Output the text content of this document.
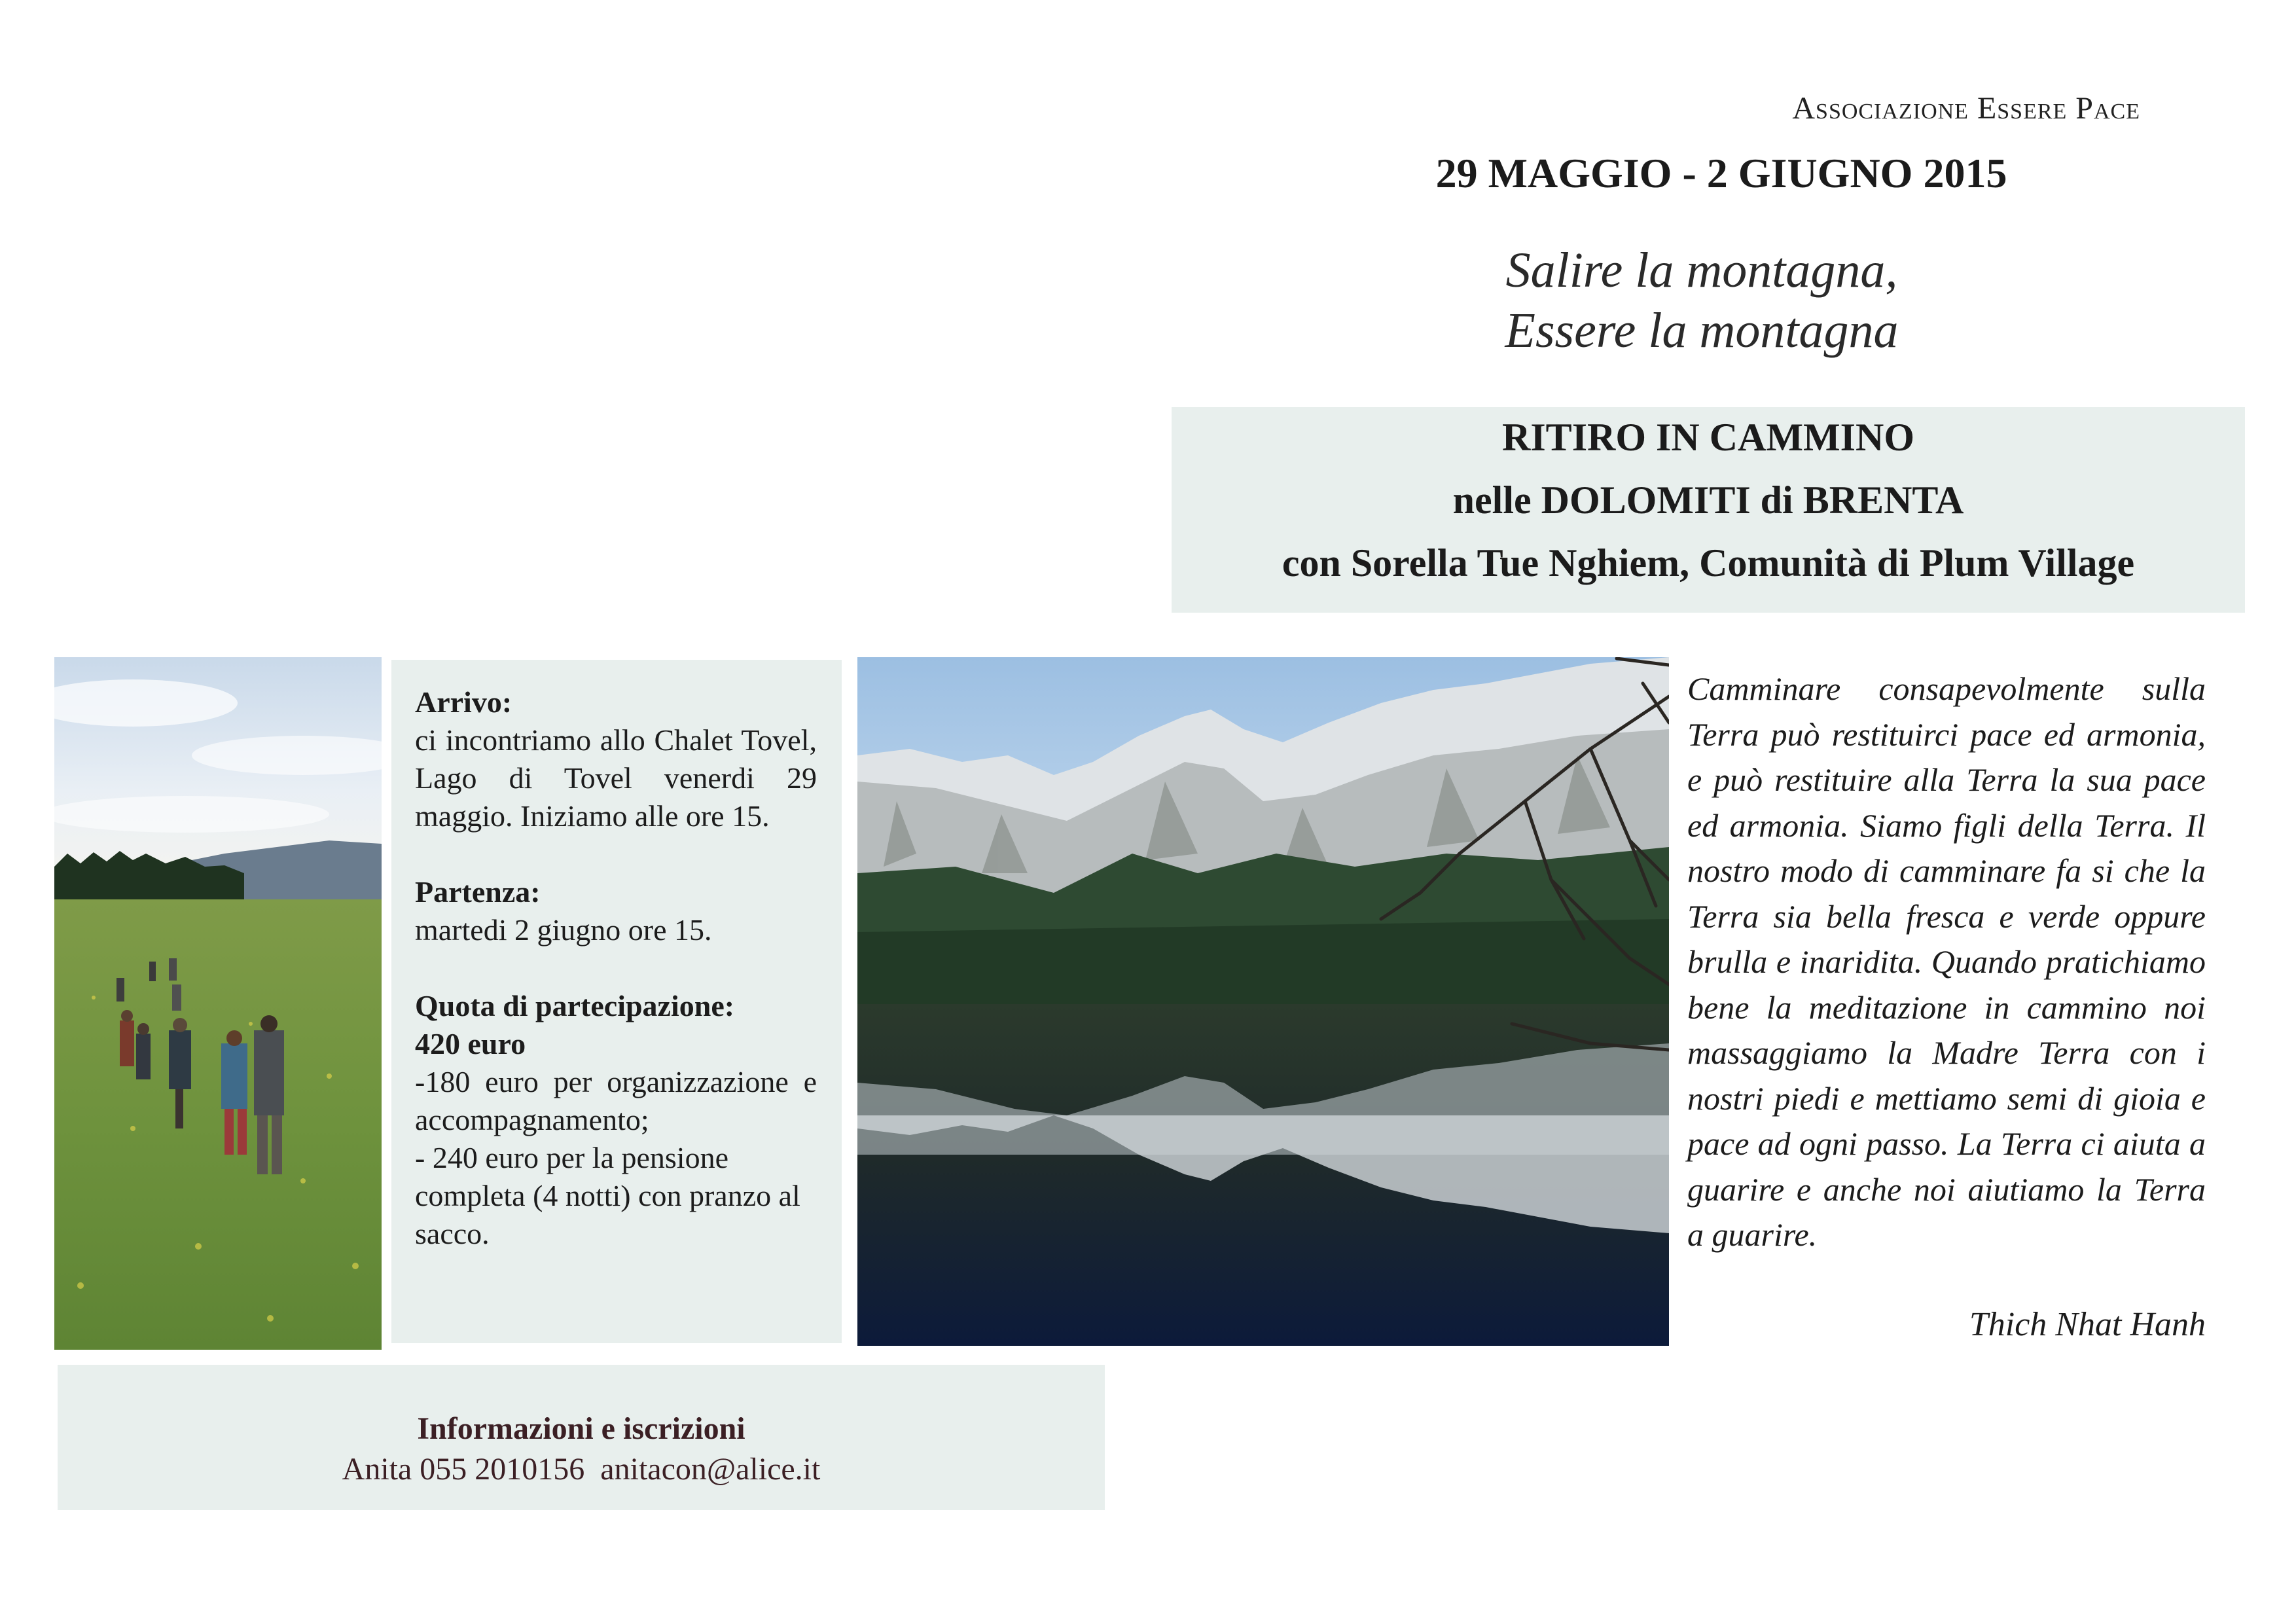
Associazione Essere Pace
29 MAGGIO - 2 GIUGNO 2015
Salire la montagna,
Essere la montagna
RITIRO IN CAMMINO
nelle DOLOMITI di BRENTA
con Sorella Tue Nghiem, Comunità di Plum Village
Arrivo:
ci incontriamo allo Chalet Tovel, Lago di Tovel venerdi 29 maggio. Iniziamo alle ore 15.
Partenza:
martedi 2 giugno ore 15.
Quota di partecipazione:
420 euro
-180 euro per organizzazione e accompagnamento;
- 240 euro per la pensione completa (4 notti) con pranzo al sacco.
Camminare consapevolmente sulla Terra può restituirci pace ed armonia, e può restituire alla Terra la sua pace ed armonia. Siamo figli della Terra. Il nostro modo di camminare fa si che la Terra sia bella fresca e verde oppure brulla e inaridita. Quando pratichiamo bene la meditazione in cammino noi massaggiamo la Madre Terra con i nostri piedi e mettiamo semi di gioia e pace ad ogni passo. La Terra ci aiuta a guarire e anche noi aiutiamo la Terra a guarire.
Thich Nhat Hanh
Informazioni e iscrizioni
Anita 055 2010156  anitacon@alice.it
